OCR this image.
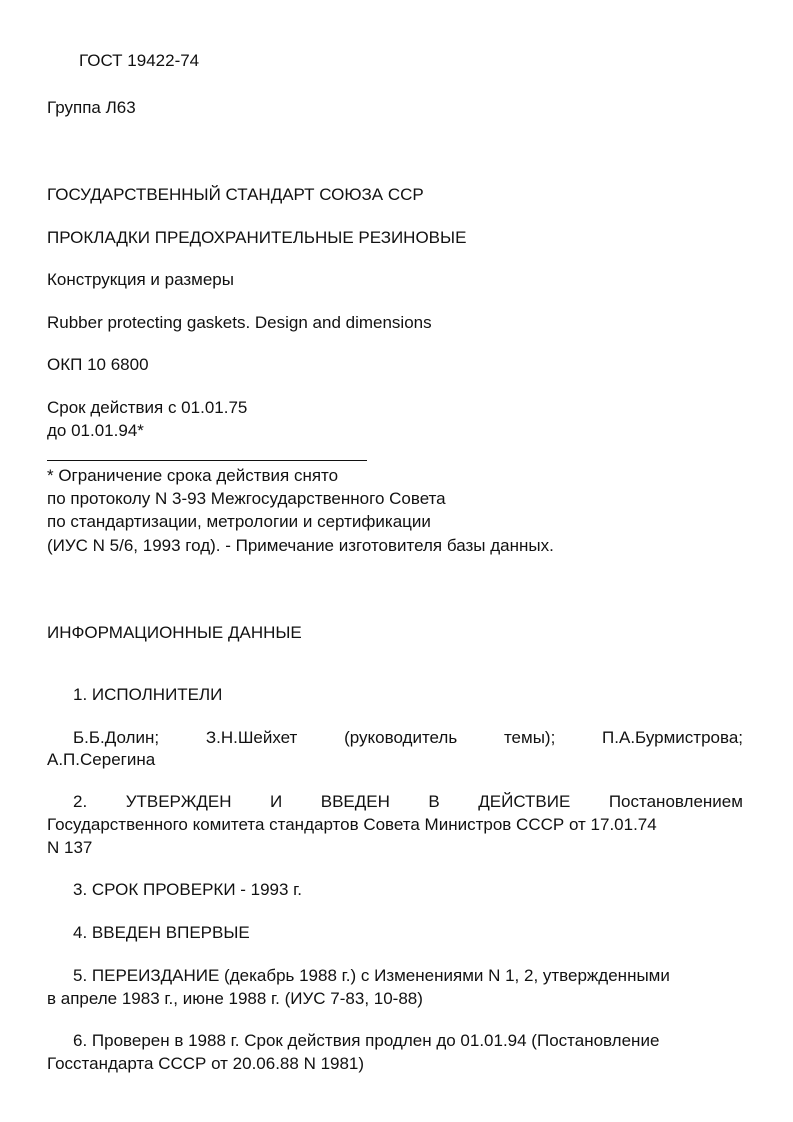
ГОСТ 19422-74
Группа Л63
ГОСУДАРСТВЕННЫЙ СТАНДАРТ СОЮЗА ССР
ПРОКЛАДКИ ПРЕДОХРАНИТЕЛЬНЫЕ РЕЗИНОВЫЕ
Конструкция и размеры
Rubber protecting gaskets. Design and dimensions
ОКП 10 6800
Срок действия с 01.01.75
до 01.01.94*
* Ограничение срока действия снято
по протоколу N 3-93 Межгосударственного Совета
по стандартизации, метрологии и сертификации
(ИУС N 5/6, 1993 год). - Примечание изготовителя базы данных.
ИНФОРМАЦИОННЫЕ ДАННЫЕ
1. ИСПОЛНИТЕЛИ
Б.Б.Долин;	З.Н.Шейхет	(руководитель	темы);	П.А.Бурмистрова;
А.П.Серегина
2. УТВЕРЖДЕН И ВВЕДЕН В ДЕЙСТВИЕ Постановлением
Государственного комитета стандартов Совета Министров СССР от 17.01.74
N 137
3. СРОК ПРОВЕРКИ - 1993 г.
4. ВВЕДЕН ВПЕРВЫЕ
5. ПЕРЕИЗДАНИЕ (декабрь 1988 г.) с Изменениями N 1, 2, утвержденными
в апреле 1983 г., июне 1988 г. (ИУС 7-83, 10-88)
6. Проверен в 1988 г. Срок действия продлен до 01.01.94 (Постановление
Госстандарта СССР от 20.06.88 N 1981)
